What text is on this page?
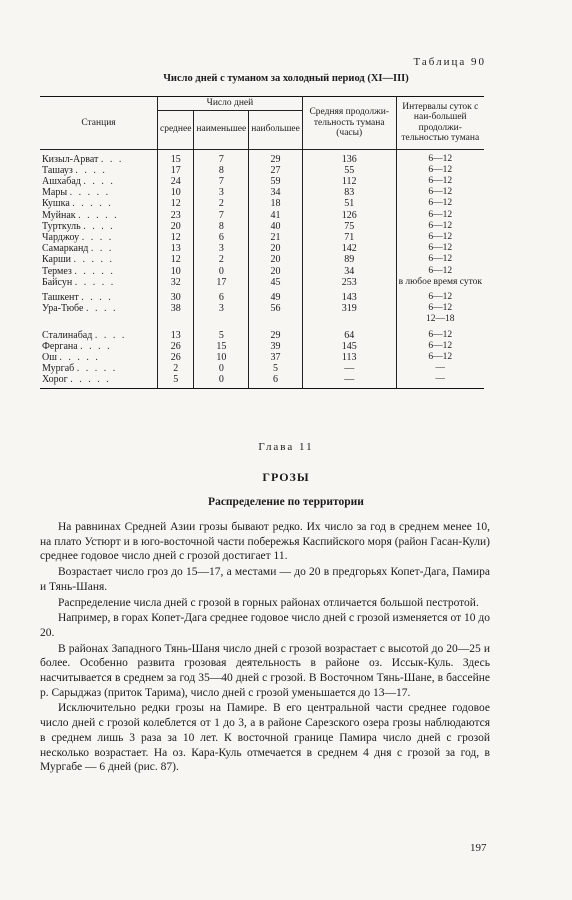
Таблица 90
Число дней с туманом за холодный период (XI—III)
Станция	Число дней			Средняя продолжи-тельность тумана (часы)	Интервалы суток с наи-большей продолжи-тельностью тумана
	среднее	наименьшее	наибольшее		

Кизыл-Арват . . .	15	7	29	136	6—12
Ташауз . . . .	17	8	27	55	6—12
Ашхабад . . . .	24	7	59	112	6—12
Мары . . . . .	10	3	34	83	6—12
Кушка . . . . .	12	2	18	51	6—12
Муйнак . . . . .	23	7	41	126	6—12
Турткуль . . . .	20	8	40	75	6—12
Чарджоу . . . .	12	6	21	71	6—12
Самарканд . . .	13	3	20	142	6—12
Карши . . . . .	12	2	20	89	6—12
Термез . . . . .	10	0	20	34	6—12
Байсун . . . . .	32	17	45	253	в любое время суток

Ташкент . . . .	30	6	49	143	6—12
Ура-Тюбе . . . .	38	3	56	319	6—12
					12—18

Сталинабад . . . .	13	5	29	64	6—12
Фергана . . . .	26	15	39	145	6—12
Ош . . . . .	26	10	37	113	6—12
Мургаб . . . . .	2	0	5	—	—
Хорог . . . . .	5	0	6	—	—
Глава 11
ГРОЗЫ
Распределение по территории

На равнинах Средней Азии грозы бывают редко. Их число за год в среднем менее 10, на плато Устюрт и в юго-восточной части побережья Каспийского моря (район Гасан-Кули) среднее годовое число дней с грозой достигает 11.

Возрастает число гроз до 15—17, а местами — до 20 в предгорьях Копет-Дага, Памира и Тянь-Шаня.

Распределение числа дней с грозой в горных районах отличается большой пестротой.

Например, в горах Копет-Дага среднее годовое число дней с грозой изменяется от 10 до 20.

В районах Западного Тянь-Шаня число дней с грозой возрастает с высотой до 20—25 и более. Особенно развита грозовая деятельность в районе оз. Иссык-Куль. Здесь насчитывается в среднем за год 35—40 дней с грозой. В Восточном Тянь-Шане, в бассейне р. Сарыджаз (приток Тарима), число дней с грозой уменьшается до 13—17.

Исключительно редки грозы на Памире. В его центральной части среднее годовое число дней с грозой колеблется от 1 до 3, а в районе Сарезского озера грозы наблюдаются в среднем лишь 3 раза за 10 лет. К восточной границе Памира число дней с грозой несколько возрастает. На оз. Кара-Куль отмечается в среднем 4 дня с грозой за год, в Мургабе — 6 дней (рис. 87).

197
